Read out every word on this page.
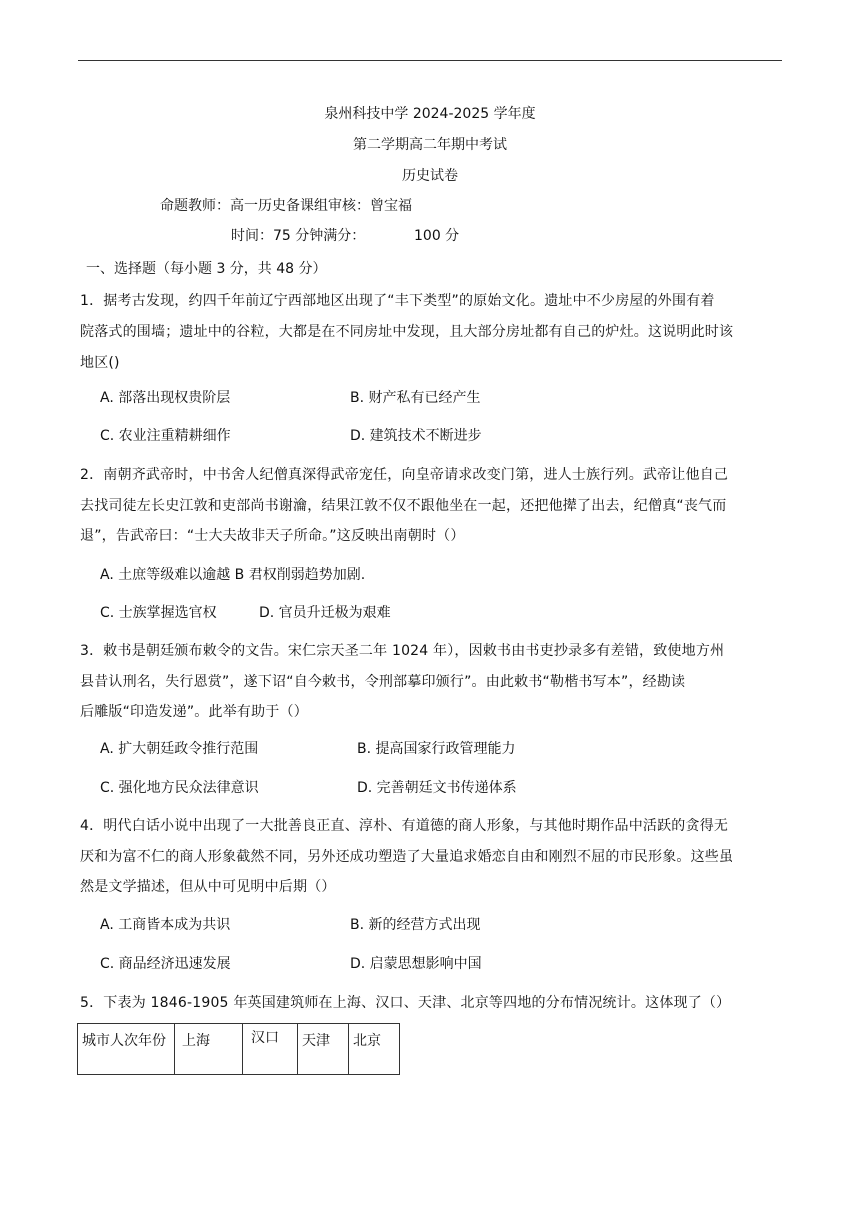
泉州科技中学 2024-2025 学年度
第二学期高二年期中考试
历史试卷
命题教师：高一历史备课组审核：曾宝福
时间：75 分钟满分：	100 分
一、选择题（每小题 3 分，共 48 分）
1．据考古发现，约四千年前辽宁西部地区出现了“丰下类型”的原始文化。遗址中不少房屋的外围有着
院落式的围墙；遗址中的谷粒，大都是在不同房址中发现，且大部分房址都有自己的炉灶。这说明此时该
地区()
A. 部落出现权贵阶层	B. 财产私有已经产生
C. 农业注重精耕细作	D. 建筑技术不断进步
2．南朝齐武帝时，中书舍人纪僧真深得武帝宠任，向皇帝请求改变门第，进人士族行列。武帝让他自己
去找司徒左长史江敦和吏部尚书谢瀹，结果江敦不仅不跟他坐在一起，还把他撵了出去，纪僧真“丧气而
退”，告武帝曰：“士大夫故非天子所命。”这反映出南朝时（）
A. 土庶等级难以逾越 B 君权削弱趋势加剧.
C. 士族掌握选官权	D. 官员升迁极为艰难
3．敕书是朝廷颁布敕令的文告。宋仁宗天圣二年 1024 年），因敕书由书吏抄录多有差错，致使地方州
县昔认刑名，失行恩赏”，遂下诏“自今敕书，令刑部摹印颁行”。由此敕书“勒楷书写本”，经勘读
后雕版“印造发递”。此举有助于（）
A. 扩大朝廷政令推行范围	B. 提高国家行政管理能力
C. 强化地方民众法律意识	D. 完善朝廷文书传递体系
4．明代白话小说中出现了一大批善良正直、淳朴、有道德的商人形象，与其他时期作品中活跃的贪得无
厌和为富不仁的商人形象截然不同，另外还成功塑造了大量追求婚恋自由和刚烈不屈的市民形象。这些虽
然是文学描述，但从中可见明中后期（）
A. 工商皆本成为共识	B. 新的经营方式出现
C. 商品经济迅速发展	D. 启蒙思想影响中国
5．下表为 1846-1905 年英国建筑师在上海、汉口、天津、北京等四地的分布情况统计。这体现了（）
城市人次年份	上海	汉口	天津	北京
